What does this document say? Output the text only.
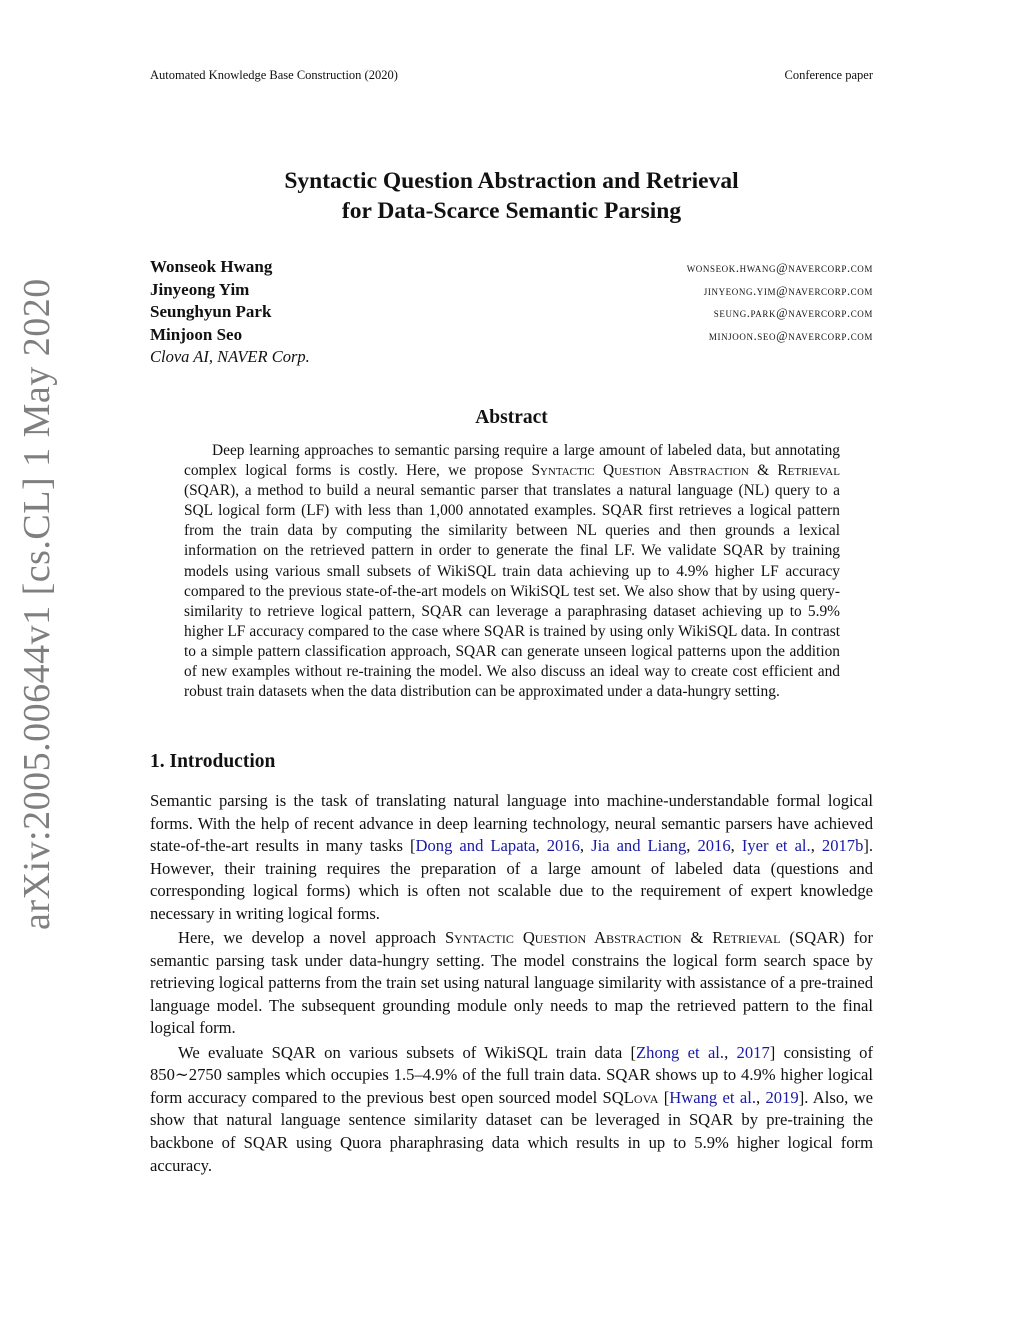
Automated Knowledge Base Construction (2020)	Conference paper
arXiv:2005.00644v1 [cs.CL] 1 May 2020
Syntactic Question Abstraction and Retrieval
for Data-Scarce Semantic Parsing
Wonseok Hwang	wonseok.hwang@navercorp.com
Jinyeong Yim	jinyeong.yim@navercorp.com
Seunghyun Park	seung.park@navercorp.com
Minjoon Seo	minjoon.seo@navercorp.com
Clova AI, NAVER Corp.
Abstract

Deep learning approaches to semantic parsing require a large amount of labeled data, but annotating complex logical forms is costly. Here, we propose Syntactic Question Abstraction & Retrieval (SQAR), a method to build a neural semantic parser that translates a natural language (NL) query to a SQL logical form (LF) with less than 1,000 annotated examples. SQAR first retrieves a logical pattern from the train data by computing the similarity between NL queries and then grounds a lexical information on the retrieved pattern in order to generate the final LF. We validate SQAR by training models using various small subsets of WikiSQL train data achieving up to 4.9% higher LF accuracy compared to the previous state-of-the-art models on WikiSQL test set. We also show that by using query-similarity to retrieve logical pattern, SQAR can leverage a paraphrasing dataset achieving up to 5.9% higher LF accuracy compared to the case where SQAR is trained by using only WikiSQL data. In contrast to a simple pattern classification approach, SQAR can generate unseen logical patterns upon the addition of new examples without re-training the model. We also discuss an ideal way to create cost efficient and robust train datasets when the data distribution can be approximated under a data-hungry setting.

1. Introduction

Semantic parsing is the task of translating natural language into machine-understandable formal logical forms. With the help of recent advance in deep learning technology, neural semantic parsers have achieved state-of-the-art results in many tasks [Dong and Lapata, 2016, Jia and Liang, 2016, Iyer et al., 2017b]. However, their training requires the preparation of a large amount of labeled data (questions and corresponding logical forms) which is often not scalable due to the requirement of expert knowledge necessary in writing logical forms.

Here, we develop a novel approach Syntactic Question Abstraction & Retrieval (SQAR) for semantic parsing task under data-hungry setting. The model constrains the logical form search space by retrieving logical patterns from the train set using natural language similarity with assistance of a pre-trained language model. The subsequent grounding module only needs to map the retrieved pattern to the final logical form.

We evaluate SQAR on various subsets of WikiSQL train data [Zhong et al., 2017] consisting of 850∼2750 samples which occupies 1.5–4.9% of the full train data. SQAR shows up to 4.9% higher logical form accuracy compared to the previous best open sourced model SQLova [Hwang et al., 2019]. Also, we show that natural language sentence similarity dataset can be leveraged in SQAR by pre-training the backbone of SQAR using Quora pharaphrasing data which results in up to 5.9% higher logical form accuracy.
